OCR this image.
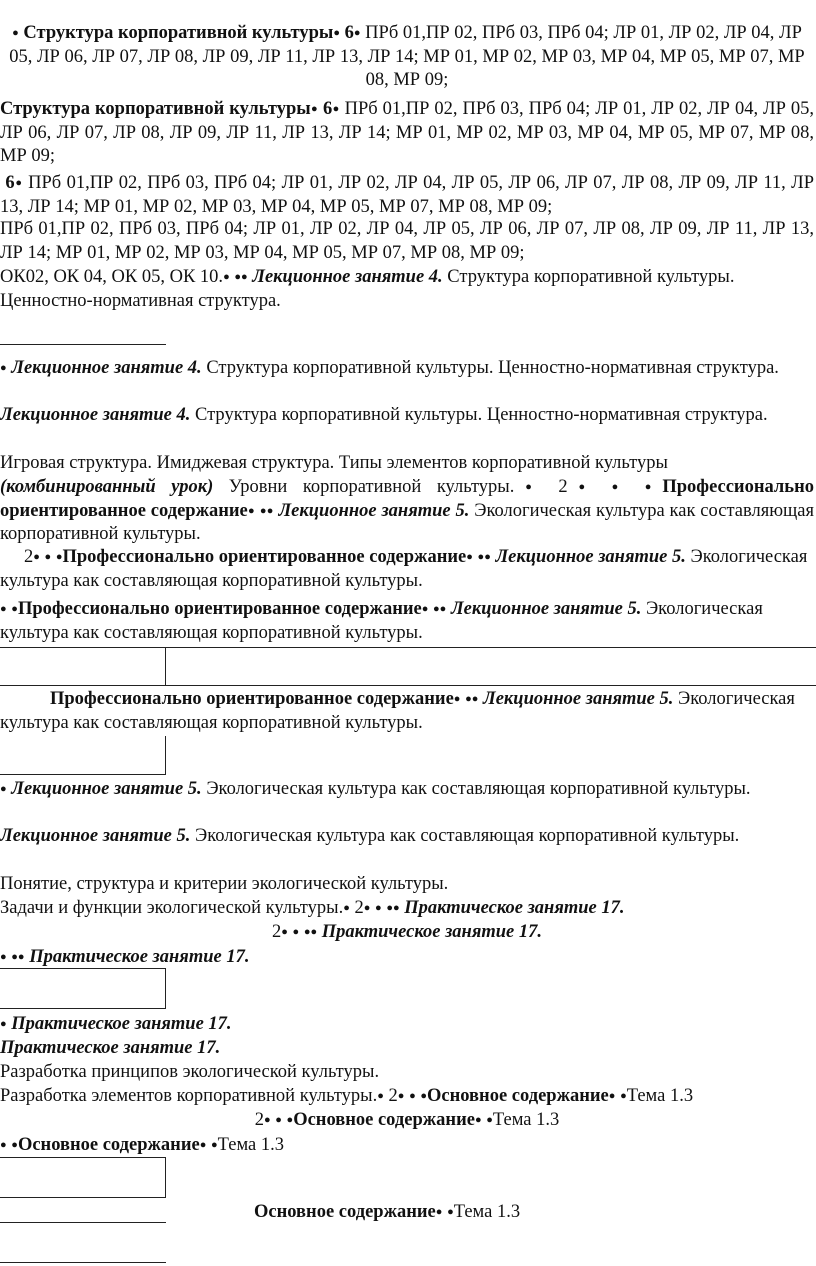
● Структура корпоративной культуры● 6● ПРб 01,ПР 02, ПРб 03, ПРб 04; ЛР 01, ЛР 02, ЛР 04, ЛР 05, ЛР 06, ЛР 07, ЛР 08, ЛР 09, ЛР 11, ЛР 13, ЛР 14; МР 01, МР 02, МР 03, МР 04, МР 05, МР 07, МР 08, МР 09;

Структура корпоративной культуры● 6● ПРб 01,ПР 02, ПРб 03, ПРб 04; ЛР 01, ЛР 02, ЛР 04, ЛР 05, ЛР 06, ЛР 07, ЛР 08, ЛР 09, ЛР 11, ЛР 13, ЛР 14; МР 01, МР 02, МР 03, МР 04, МР 05, МР 07, МР 08, МР 09;

6● ПРб 01,ПР 02, ПРб 03, ПРб 04; ЛР 01, ЛР 02, ЛР 04, ЛР 05, ЛР 06, ЛР 07, ЛР 08, ЛР 09, ЛР 11, ЛР 13, ЛР 14; МР 01, МР 02, МР 03, МР 04, МР 05, МР 07, МР 08, МР 09;

ПРб 01,ПР 02, ПРб 03, ПРб 04; ЛР 01, ЛР 02, ЛР 04, ЛР 05, ЛР 06, ЛР 07, ЛР 08, ЛР 09, ЛР 11, ЛР 13, ЛР 14; МР 01, МР 02, МР 03, МР 04, МР 05, МР 07, МР 08, МР 09;

ОК02, ОК 04, ОК 05, ОК 10.● ●● Лекционное занятие 4. Структура корпоративной культуры. Ценностно-нормативная структура.

● Лекционное занятие 4. Структура корпоративной культуры. Ценностно-нормативная структура.

Лекционное занятие 4. Структура корпоративной культуры. Ценностно-нормативная структура.

Игровая структура. Имиджевая структура. Типы элементов корпоративной культуры

(комбинированный урок) Уровни корпоративной культуры.● 2● ● ●Профессионально ориентированное содержание● ●● Лекционное занятие 5. Экологическая культура как составляющая корпоративной культуры.

2● ● ●Профессионально ориентированное содержание● ●● Лекционное занятие 5. Экологическая культура как составляющая корпоративной культуры.

● ●Профессионально ориентированное содержание● ●● Лекционное занятие 5. Экологическая культура как составляющая корпоративной культуры.

Профессионально ориентированное содержание● ●● Лекционное занятие 5. Экологическая культура как составляющая корпоративной культуры.

● Лекционное занятие 5. Экологическая культура как составляющая корпоративной культуры.

Лекционное занятие 5. Экологическая культура как составляющая корпоративной культуры.

Понятие, структура и критерии экологической культуры.

Задачи и функции экологической культуры.● 2● ● ●● Практическое занятие 17.

2● ● ●● Практическое занятие 17.

● ●● Практическое занятие 17.

● Практическое занятие 17.

Практическое занятие 17.

Разработка принципов экологической культуры.

Разработка элементов корпоративной культуры.● 2● ● ●Основное содержание● ●Тема 1.3

2● ● ●Основное содержание● ●Тема 1.3

● ●Основное содержание● ●Тема 1.3

Основное содержание● ●Тема 1.3
